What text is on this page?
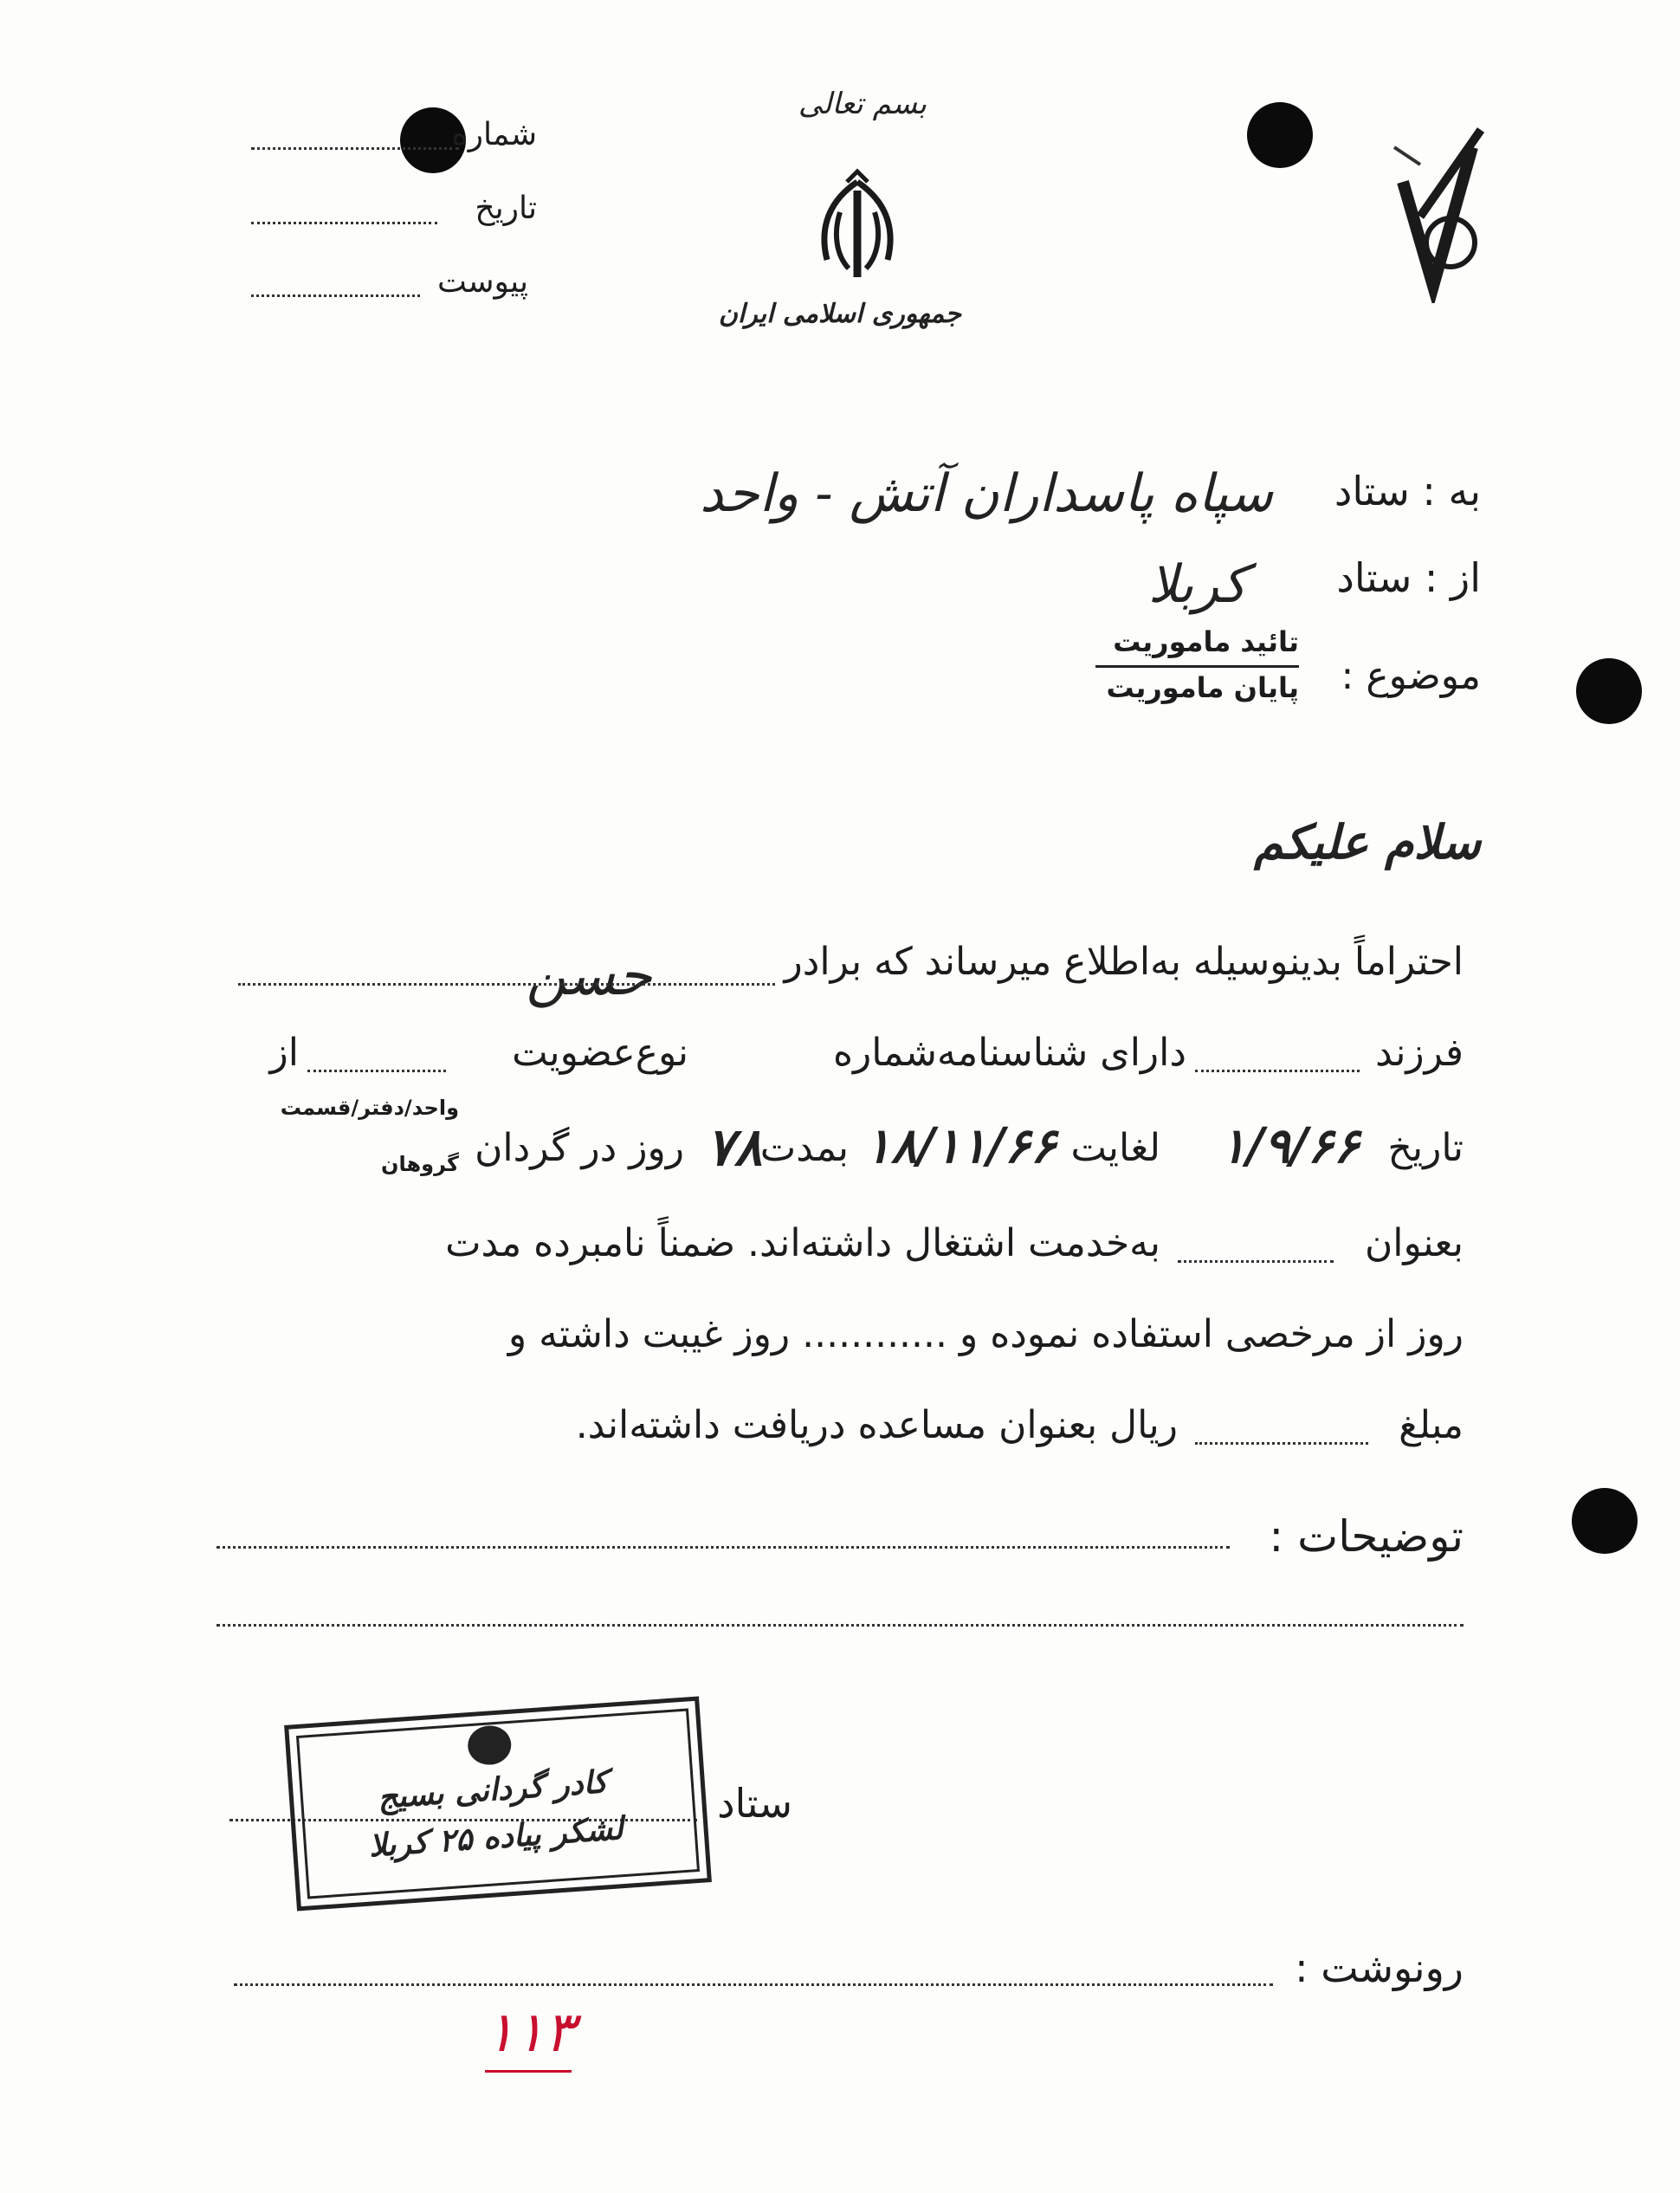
شماره
تاریخ
پیوست
بسم تعالی
جمهوری اسلامی ایران
به : ستاد
سپاه پاسداران آتش - واحد
از : ستاد
کربلا
موضوع :
تائید ماموریت
پایان ماموریت
سلام علیکم
احتراماً بدینوسیله به‌اطلاع میرساند که برادر
حسن
فرزند
دارای شناسنامه‌شماره
نوع‌عضویت
از
تاریخ
۱/۹/۶۶
لغایت
۱۸/۱۱/۶۶
بمدت
۷۸
روز در گردان
واحد/دفتر/قسمت
گروهان
بعنوان
به‌خدمت اشتغال داشته‌اند. ضمناً نامبرده مدت
روز از مرخصی استفاده نموده و ............ روز غیبت داشته و
مبلغ
ریال بعنوان مساعده دریافت داشته‌اند.
توضیحات :
ستاد
کادر گردانی بسیج
لشکر پیاده ۲۵ کربلا
رونوشت :
۱۱۳
